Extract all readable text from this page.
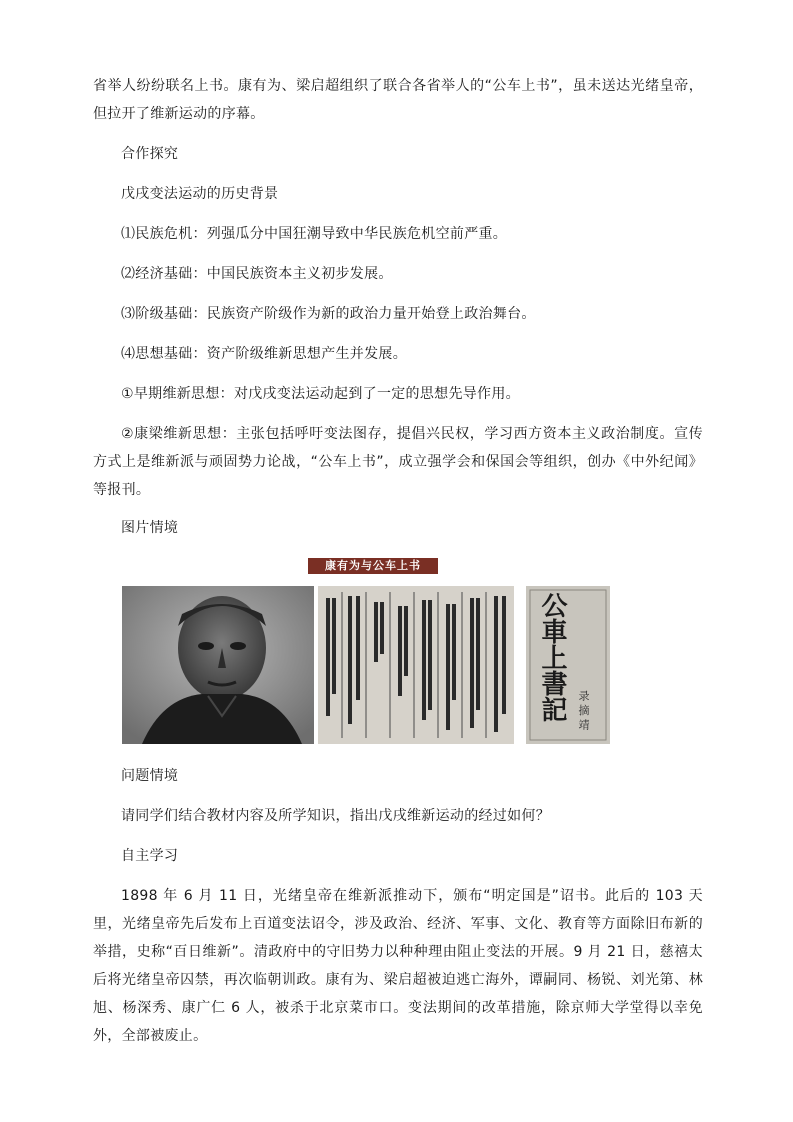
省举人纷纷联名上书。康有为、梁启超组织了联合各省举人的“公车上书”，虽未送达光绪皇帝，但拉开了维新运动的序幕。

合作探究

戊戌变法运动的历史背景

⑴民族危机：列强瓜分中国狂潮导致中华民族危机空前严重。

⑵经济基础：中国民族资本主义初步发展。

⑶阶级基础：民族资产阶级作为新的政治力量开始登上政治舞台。

⑷思想基础：资产阶级维新思想产生并发展。

①早期维新思想：对戊戌变法运动起到了一定的思想先导作用。

②康梁维新思想：主张包括呼吁变法图存，提倡兴民权，学习西方资本主义政治制度。宣传方式上是维新派与顽固势力论战，“公车上书”，成立强学会和保国会等组织，创办《中外纪闻》等报刊。

图片情境

康有为与公车上书
公車上書記 录 摘 靖

问题情境

请同学们结合教材内容及所学知识，指出戊戌维新运动的经过如何？

自主学习

1898 年 6 月 11 日，光绪皇帝在维新派推动下，颁布“明定国是”诏书。此后的 103 天里，光绪皇帝先后发布上百道变法诏令，涉及政治、经济、军事、文化、教育等方面除旧布新的举措，史称“百日维新”。清政府中的守旧势力以种种理由阻止变法的开展。9 月 21 日，慈禧太后将光绪皇帝囚禁，再次临朝训政。康有为、梁启超被迫逃亡海外，谭嗣同、杨锐、刘光第、林旭、杨深秀、康广仁 6 人，被杀于北京菜市口。变法期间的改革措施，除京师大学堂得以幸免外，全部被废止。
